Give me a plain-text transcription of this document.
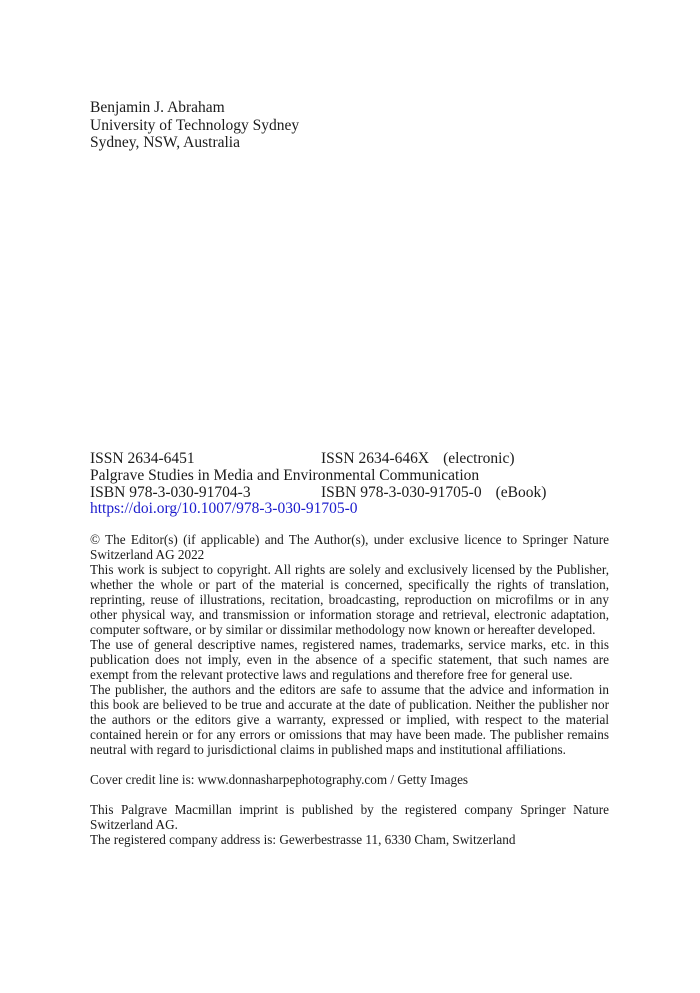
Benjamin J. Abraham
University of Technology Sydney
Sydney, NSW, Australia
ISSN 2634-6451	ISSN 2634-646X (electronic)
Palgrave Studies in Media and Environmental Communication
ISBN 978-3-030-91704-3	ISBN 978-3-030-91705-0 (eBook)
https://doi.org/10.1007/978-3-030-91705-0

© The Editor(s) (if applicable) and The Author(s), under exclusive licence to Springer Nature Switzerland AG 2022

This work is subject to copyright. All rights are solely and exclusively licensed by the Publisher, whether the whole or part of the material is concerned, specifically the rights of translation, reprinting, reuse of illustrations, recitation, broadcasting, reproduction on microfilms or in any other physical way, and transmission or information storage and retrieval, electronic adaptation, computer software, or by similar or dissimilar methodology now known or hereafter developed.

The use of general descriptive names, registered names, trademarks, service marks, etc. in this publication does not imply, even in the absence of a specific statement, that such names are exempt from the relevant protective laws and regulations and therefore free for general use.

The publisher, the authors and the editors are safe to assume that the advice and information in this book are believed to be true and accurate at the date of publication. Neither the publisher nor the authors or the editors give a warranty, expressed or implied, with respect to the material contained herein or for any errors or omissions that may have been made. The publisher remains neutral with regard to jurisdictional claims in published maps and institutional affiliations.

Cover credit line is: www.donnasharpephotography.com / Getty Images

This Palgrave Macmillan imprint is published by the registered company Springer Nature Switzerland AG.

The registered company address is: Gewerbestrasse 11, 6330 Cham, Switzerland
